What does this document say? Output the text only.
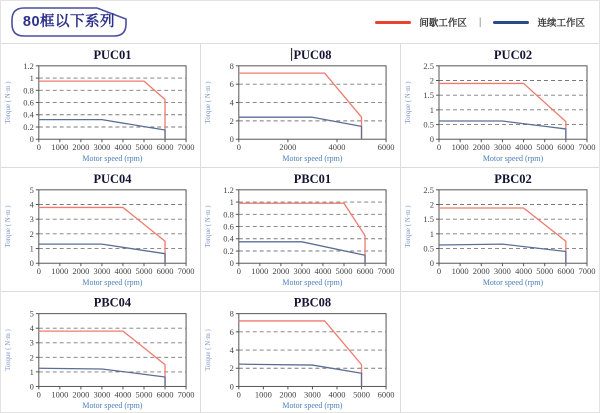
80框以下系列	间歇工作区 |	连续工作区
0
0.2
0.4
0.6
0.8
1
1.2
0 1000 2000 3000 4000 5000 6000 7000
PUC01
Torque ( N·m )
Motor speed (rpm)
0
2
4
6
8
0	2000	4000	6000
PUC08
Torque ( N·m )
Motor speed (rpm)
0
0.5
1
1.5
2
2.5
0 1000 2000 3000 4000 5000 6000 7000
PUC02
Torque ( N·m )
Motor speed (rpm)
0
1
2
3
4
5
0 1000 2000 3000 4000 5000 6000 7000
PUC04
Torque ( N·m )
Motor speed (rpm)
0
0.2
0.4
0.6
0.8
1
1.2
0 1000 2000 3000 4000 5000 6000 7000
PBC01
Torque ( N·m )
Motor speed (rpm)
0
0.5
1
1.5
2
2.5
0 1000 2000 3000 4000 5000 6000 7000
PBC02
Torque ( N·m )
Motor speed (rpm)
0
1
2
3
4
5
0 1000 2000 3000 4000 5000 6000 7000
PBC04
Torque ( N·m )
Motor speed (rpm)
0
2
4
6
8
0 1000 2000 3000 4000 5000 6000
PBC08
Torque ( N·m )
Motor speed (rpm)
